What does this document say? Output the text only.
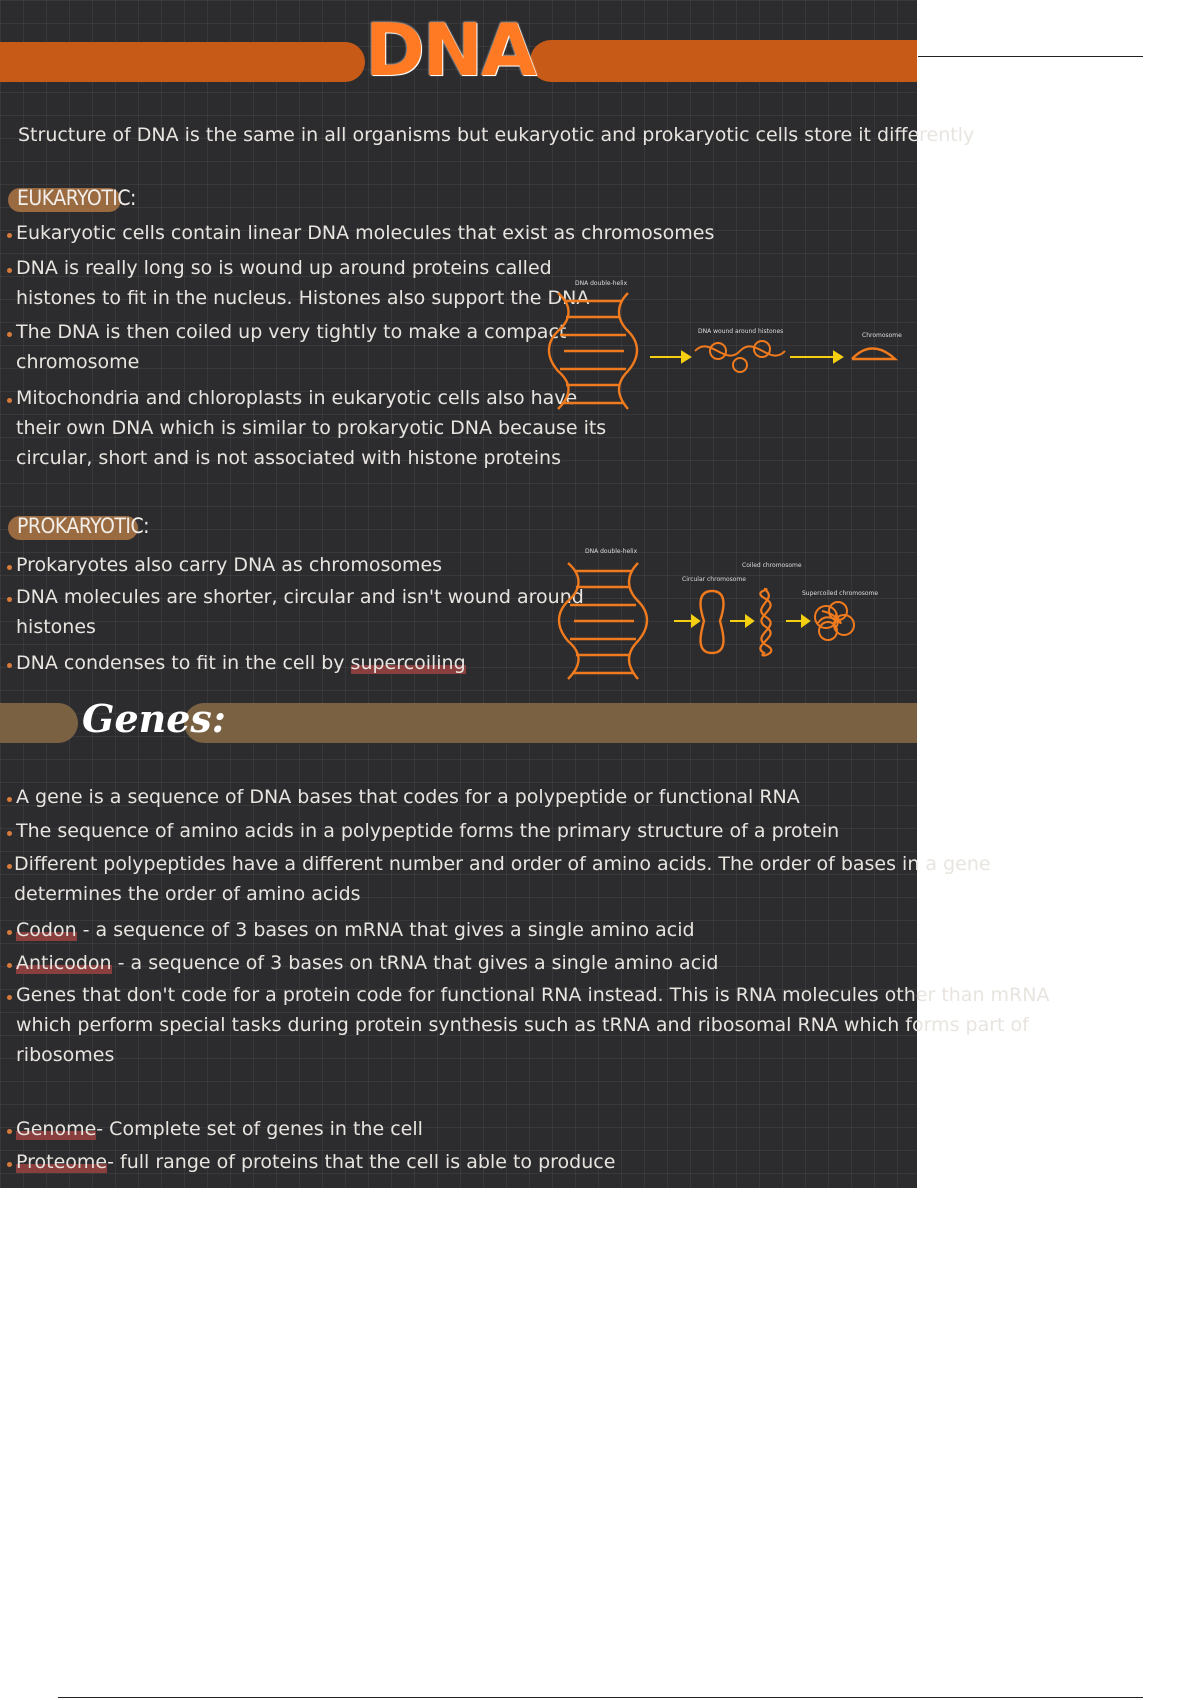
DNA
Structure of DNA is the same in all organisms but eukaryotic and prokaryotic cells store it differently
EUKARYOTIC:
Eukaryotic cells contain linear DNA molecules that exist as chromosomes
DNA is really long so is wound up around proteins called
histones to fit in the nucleus. Histones also support the DNA
The DNA is then coiled up very tightly to make a compact
chromosome
Mitochondria and chloroplasts in eukaryotic cells also have
their own DNA which is similar to prokaryotic DNA because its
circular, short and is not associated with histone proteins
DNA double-helix
DNA wound around histones
Chromosome
PROKARYOTIC:
Prokaryotes also carry DNA as chromosomes
DNA molecules are shorter, circular and isn't wound around
histones
DNA condenses to fit in the cell by supercoiling
DNA double-helix
Circular chromosome
Coiled chromosome
Supercoiled chromosome
Genes:
A gene is a sequence of DNA bases that codes for a polypeptide or functional RNA
The sequence of amino acids in a polypeptide forms the primary structure of a protein
Different polypeptides have a different number and order of amino acids. The order of bases in a gene
determines the order of amino acids
Codon - a sequence of 3 bases on mRNA that gives a single amino acid
Anticodon - a sequence of 3 bases on tRNA that gives a single amino acid
Genes that don't code for a protein code for functional RNA instead. This is RNA molecules other than mRNA
which perform special tasks during protein synthesis such as tRNA and ribosomal RNA which forms part of
ribosomes
Genome- Complete set of genes in the cell
Proteome- full range of proteins that the cell is able to produce
